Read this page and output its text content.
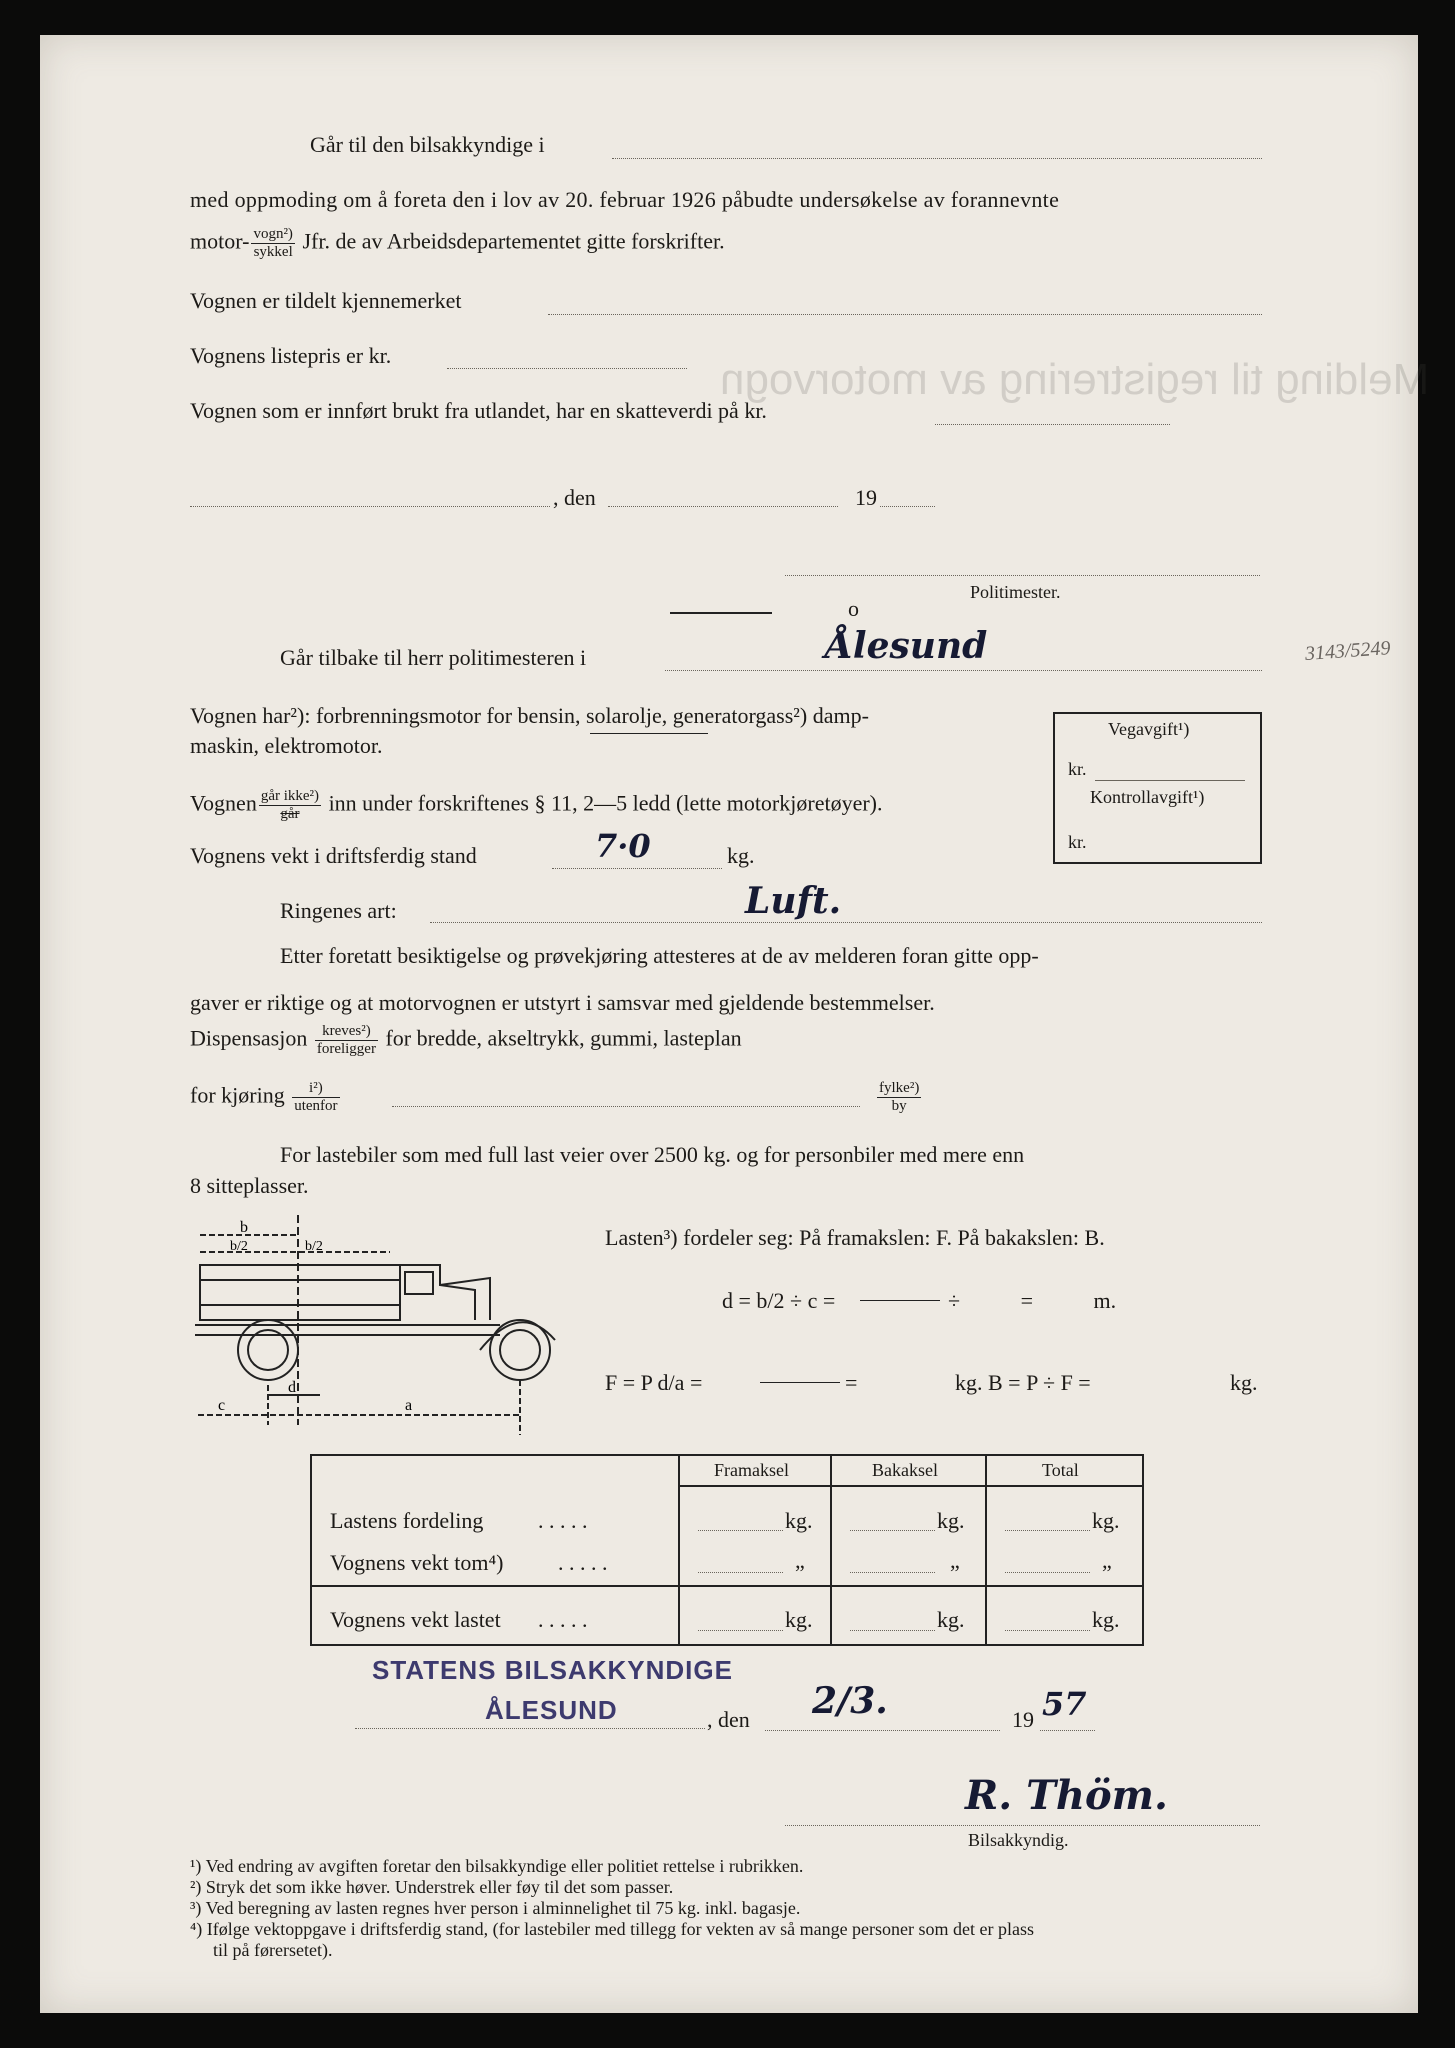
Melding til registrering av motorvogn
Går til den bilsakkyndige i
med oppmoding om å foreta den i lov av 20. februar 1926 påbudte undersøkelse av forannevnte
motor- $\frac{\text{vogn²)}}{\text{sykkel}}$ Jfr. de av Arbeidsdepartementet gitte forskrifter.
Vognen er tildelt kjennemerket
Vognens listepris er kr.
Vognen som er innført brukt fra utlandet, har en skatteverdi på kr.
, den	19
Politimester.
ο
Går tilbake til herr politimesteren i	Ålesund	3143/5249
Vognen har²): forbrenningsmotor for bensin, solarolje, generatorgass²) damp-
maskin, elektromotor.
Vognen $\frac{\text{går ikke²)}}{\text{går}}$ inn under forskriftenes § 11, 2—5 ledd (lette motorkjøretøyer).
Vognens vekt i driftsferdig stand	7·0	kg.
Ringenes art:	Luft.
Vegavgift¹)
kr.
Kontrollavgift¹)
kr.
Etter foretatt besiktigelse og prøvekjøring attesteres at de av melderen foran gitte opp-
gaver er riktige og at motorvognen er utstyrt i samsvar med gjeldende bestemmelser.
Dispensasjon $\frac{\text{kreves²)}}{\text{foreligger}}$ for bredde, akseltrykk, gummi, lasteplan
for kjøring $\frac{\text{i²)}}{\text{utenfor}}$	$\frac{\text{fylke²)}}{by}$
For lastebiler som med full last veier over 2500 kg. og for personbiler med mere enn
8 sitteplasser.
b
b/2	b/2
c
d
a
Lasten³) fordeler seg: På framakslen: F. På bakakslen: B.
d = b/2 ÷ c =	÷           =           m.
F = P d/a =	=	kg. B = P ÷ F =	kg.
Framaksel	Bakaksel	Total
Lastens fordeling . . . . .	kg.	kg.	kg.
Vognens vekt tom⁴) . . . . .	„	„	„
Vognens vekt lastet . . . . .	kg.	kg.	kg.
STATENS BILSAKKYNDIGE
ÅLESUND	, den 2/3.	19 57
R. Thöm.
Bilsakkyndig.
¹) Ved endring av avgiften foretar den bilsakkyndige eller politiet rettelse i rubrikken.
²) Stryk det som ikke høver. Understrek eller føy til det som passer.
³) Ved beregning av lasten regnes hver person i alminnelighet til 75 kg. inkl. bagasje.
⁴) Ifølge vektoppgave i driftsferdig stand, (for lastebiler med tillegg for vekten av så mange personer som det er plass
til på førersetet).
